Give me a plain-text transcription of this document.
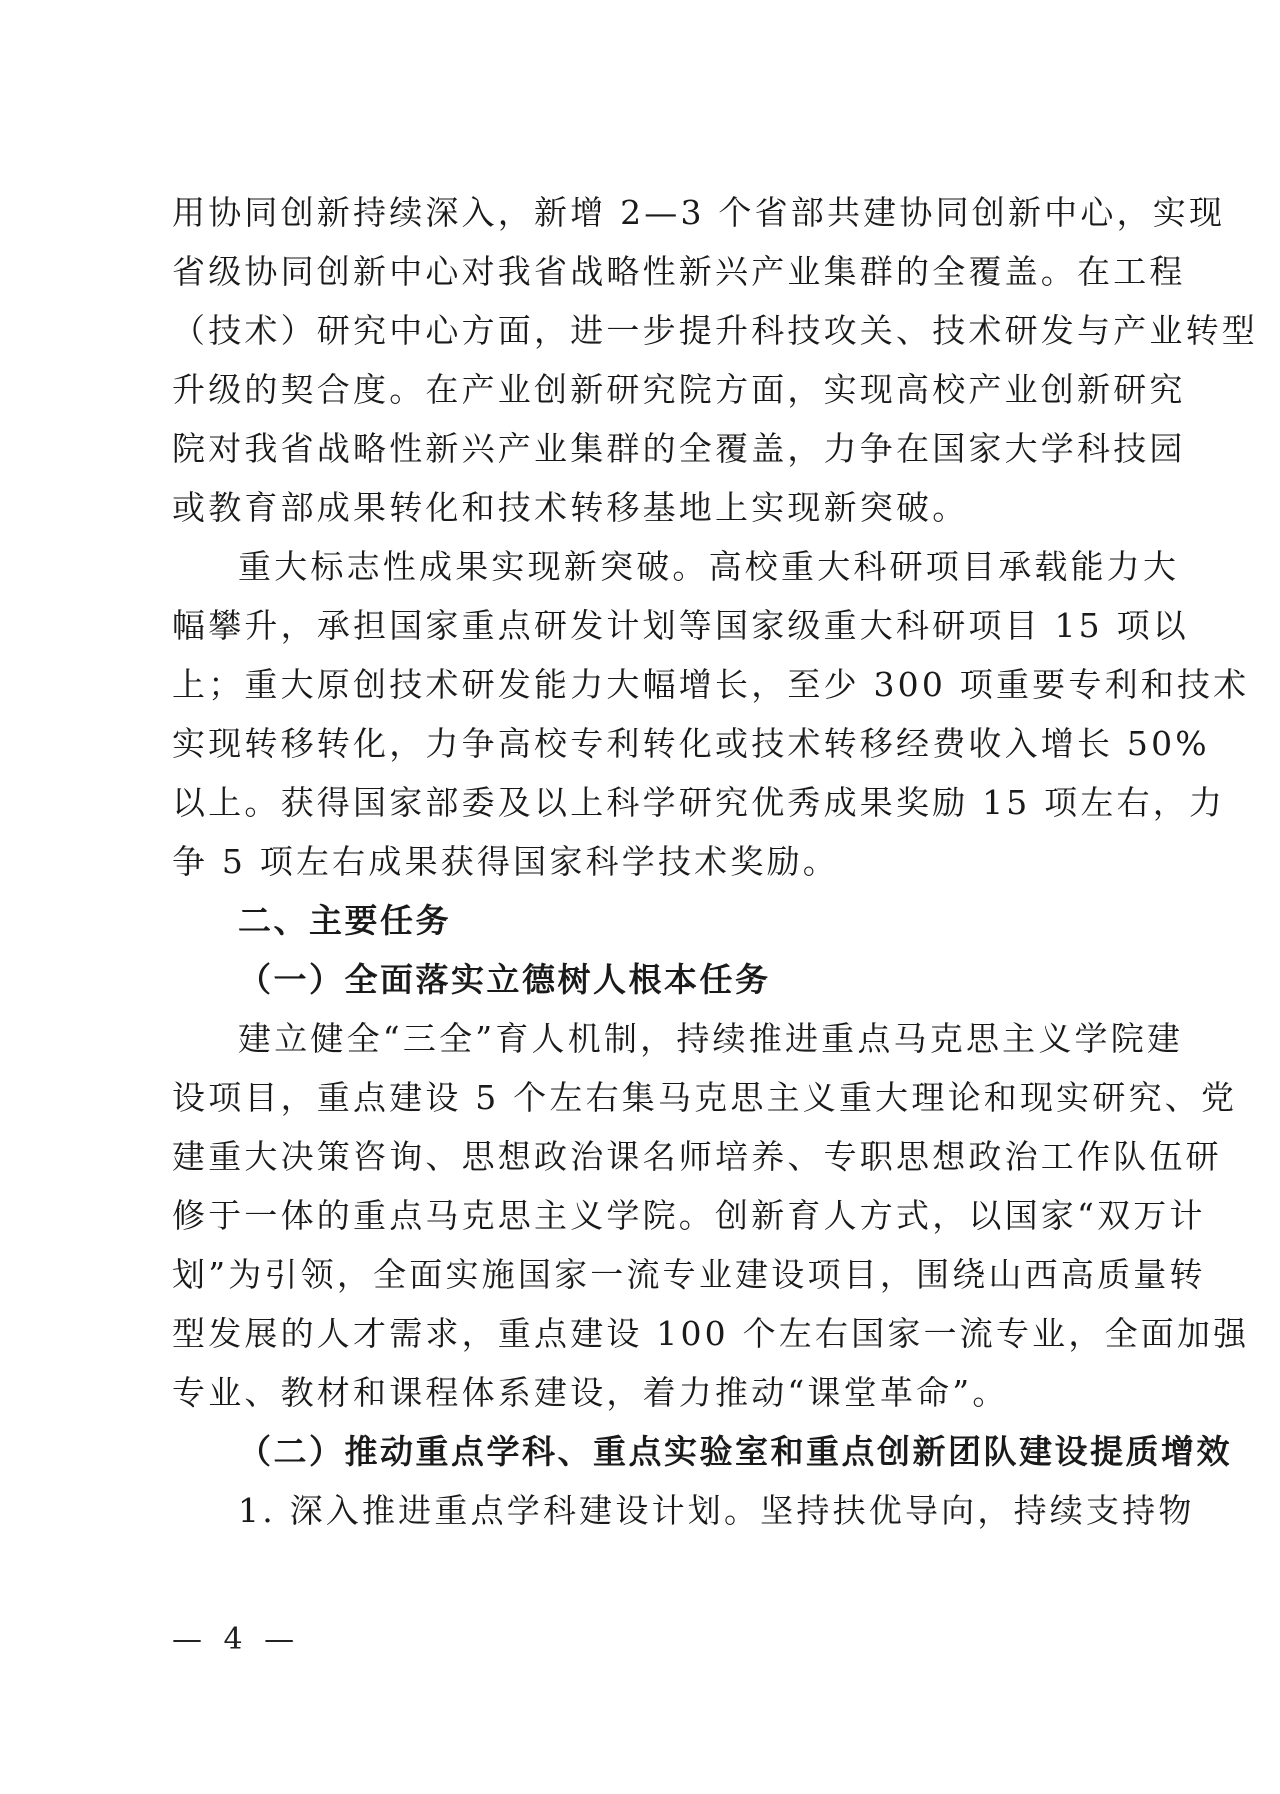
用协同创新持续深入，新增 2—3 个省部共建协同创新中心，实现
省级协同创新中心对我省战略性新兴产业集群的全覆盖。在工程
（技术）研究中心方面，进一步提升科技攻关、技术研发与产业转型
升级的契合度。在产业创新研究院方面，实现高校产业创新研究
院对我省战略性新兴产业集群的全覆盖，力争在国家大学科技园
或教育部成果转化和技术转移基地上实现新突破。
重大标志性成果实现新突破。高校重大科研项目承载能力大
幅攀升，承担国家重点研发计划等国家级重大科研项目 15 项以
上；重大原创技术研发能力大幅增长，至少 300 项重要专利和技术
实现转移转化，力争高校专利转化或技术转移经费收入增长 50%
以上。获得国家部委及以上科学研究优秀成果奖励 15 项左右，力
争 5 项左右成果获得国家科学技术奖励。
二、主要任务
（一）全面落实立德树人根本任务
建立健全“三全”育人机制，持续推进重点马克思主义学院建
设项目，重点建设 5 个左右集马克思主义重大理论和现实研究、党
建重大决策咨询、思想政治课名师培养、专职思想政治工作队伍研
修于一体的重点马克思主义学院。创新育人方式，以国家“双万计
划”为引领，全面实施国家一流专业建设项目，围绕山西高质量转
型发展的人才需求，重点建设 100 个左右国家一流专业，全面加强
专业、教材和课程体系建设，着力推动“课堂革命”。
（二）推动重点学科、重点实验室和重点创新团队建设提质增效
1. 深入推进重点学科建设计划。坚持扶优导向，持续支持物
— 4 —
